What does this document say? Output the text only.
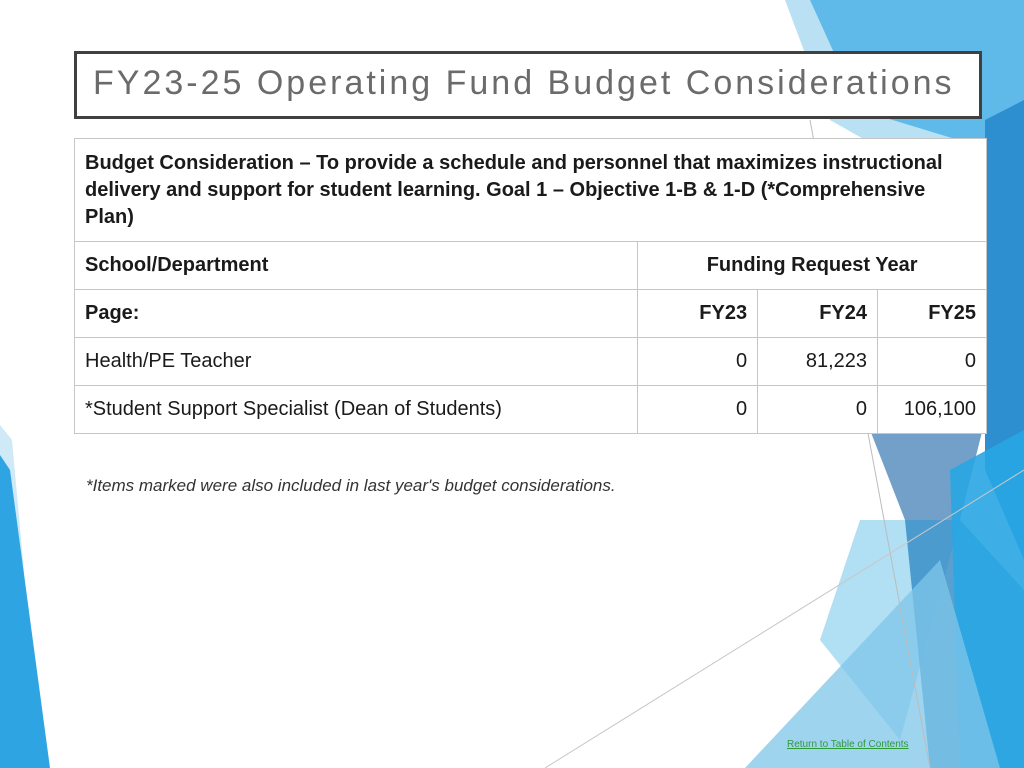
FY23-25 Operating Fund Budget Considerations
Budget Consideration – To provide a schedule and personnel that maximizes instructional delivery and support for student learning. Goal 1 – Objective 1-B & 1-D (*Comprehensive Plan)			
School/Department	Funding Request Year		
Page:	FY23	FY24	FY25
Health/PE Teacher	0	81,223	0
*Student Support Specialist (Dean of Students)	0	0	106,100
*Items marked were also included in last year's budget considerations.
Return to Table of Contents
